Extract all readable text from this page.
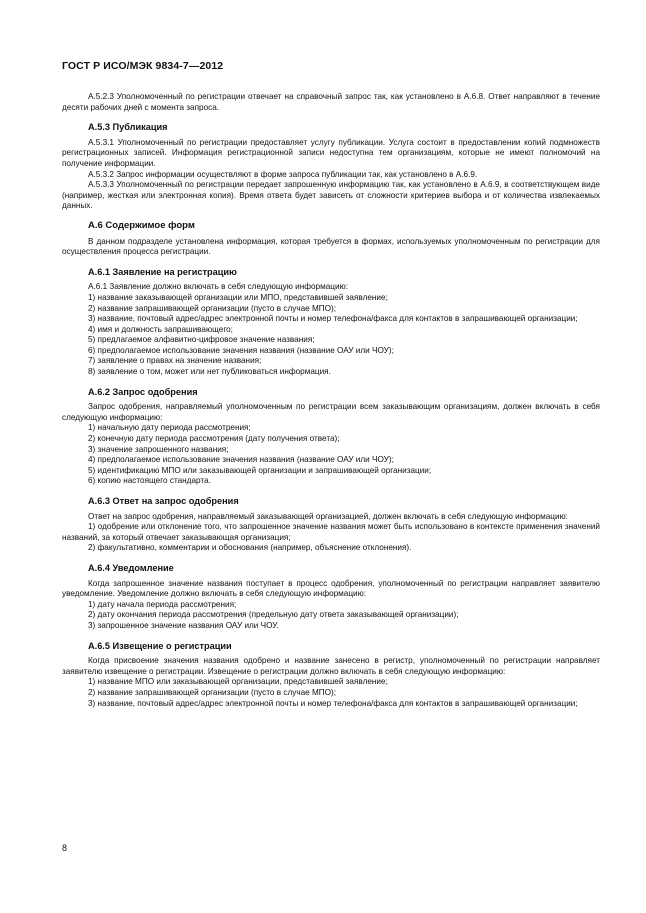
ГОСТ Р ИСО/МЭК 9834-7—2012

А.5.2.3 Уполномоченный по регистрации отвечает на справочный запрос так, как установлено в А.6.8. Ответ направляют в течение десяти рабочих дней с момента запроса.

А.5.3 Публикация

А.5.3.1 Уполномоченный по регистрации предоставляет услугу публикации. Услуга состоит в предоставлении копий подмножеств регистрационных записей. Информация регистрационной записи недоступна тем организациям, которые не имеют полномочий на получение информации.

А.5.3.2 Запрос информации осуществляют в форме запроса публикации так, как установлено в А.6.9.

А.5.3.3 Уполномоченный по регистрации передает запрошенную информацию так, как установлено в А.6.9, в соответствующем виде (например, жесткая или электронная копия). Время ответа будет зависеть от сложности критериев выбора и от количества извлекаемых данных.

А.6 Содержимое форм

В данном подразделе установлена информация, которая требуется в формах, используемых уполномоченным по регистрации для осуществления процесса регистрации.

А.6.1 Заявление на регистрацию

А.6.1 Заявление должно включать в себя следующую информацию:

1) название заказывающей организации или МПО, представившей заявление;

2) название запрашивающей организации (пусто в случае МПО);

3) название, почтовый адрес/адрес электронной почты и номер телефона/факса для контактов в запрашивающей организации;

4) имя и должность запрашивающего;

5) предлагаемое алфавитно-цифровое значение названия;

6) предполагаемое использование значения названия (название ОАУ или ЧОУ);

7) заявление о правах на значение названия;

8) заявление о том, может или нет публиковаться информация.

А.6.2 Запрос одобрения

Запрос одобрения, направляемый уполномоченным по регистрации всем заказывающим организациям, должен включать в себя следующую информацию:

1) начальную дату периода рассмотрения;

2) конечную дату периода рассмотрения (дату получения ответа);

3) значение запрошенного названия;

4) предполагаемое использование значения названия (название ОАУ или ЧОУ);

5) идентификацию МПО или заказывающей организации и запрашивающей организации;

6) копию настоящего стандарта.

А.6.3 Ответ на запрос одобрения

Ответ на запрос одобрения, направляемый заказывающей организацией, должен включать в себя следующую информацию:

1) одобрение или отклонение того, что запрошенное значение названия может быть использовано в контексте применения значений названий, за который отвечает заказывающая организация;

2) факультативно, комментарии и обоснования (например, объяснение отклонения).

А.6.4 Уведомление

Когда запрошенное значение названия поступает в процесс одобрения, уполномоченный по регистрации направляет заявителю уведомление. Уведомление должно включать в себя следующую информацию:

1) дату начала периода рассмотрения;

2) дату окончания периода рассмотрения (предельную дату ответа заказывающей организации);

3) запрошенное значение названия ОАУ или ЧОУ.

А.6.5 Извещение о регистрации

Когда присвоение значения названия одобрено и название занесено в регистр, уполномоченный по регистрации направляет заявителю извещение о регистрации. Извещение о регистрации должно включать в себя следующую информацию:

1) название МПО или заказывающей организации, представившей заявление;

2) название запрашивающей организации (пусто в случае МПО);

3) название, почтовый адрес/адрес электронной почты и номер телефона/факса для контактов в запрашивающей организации;

8
